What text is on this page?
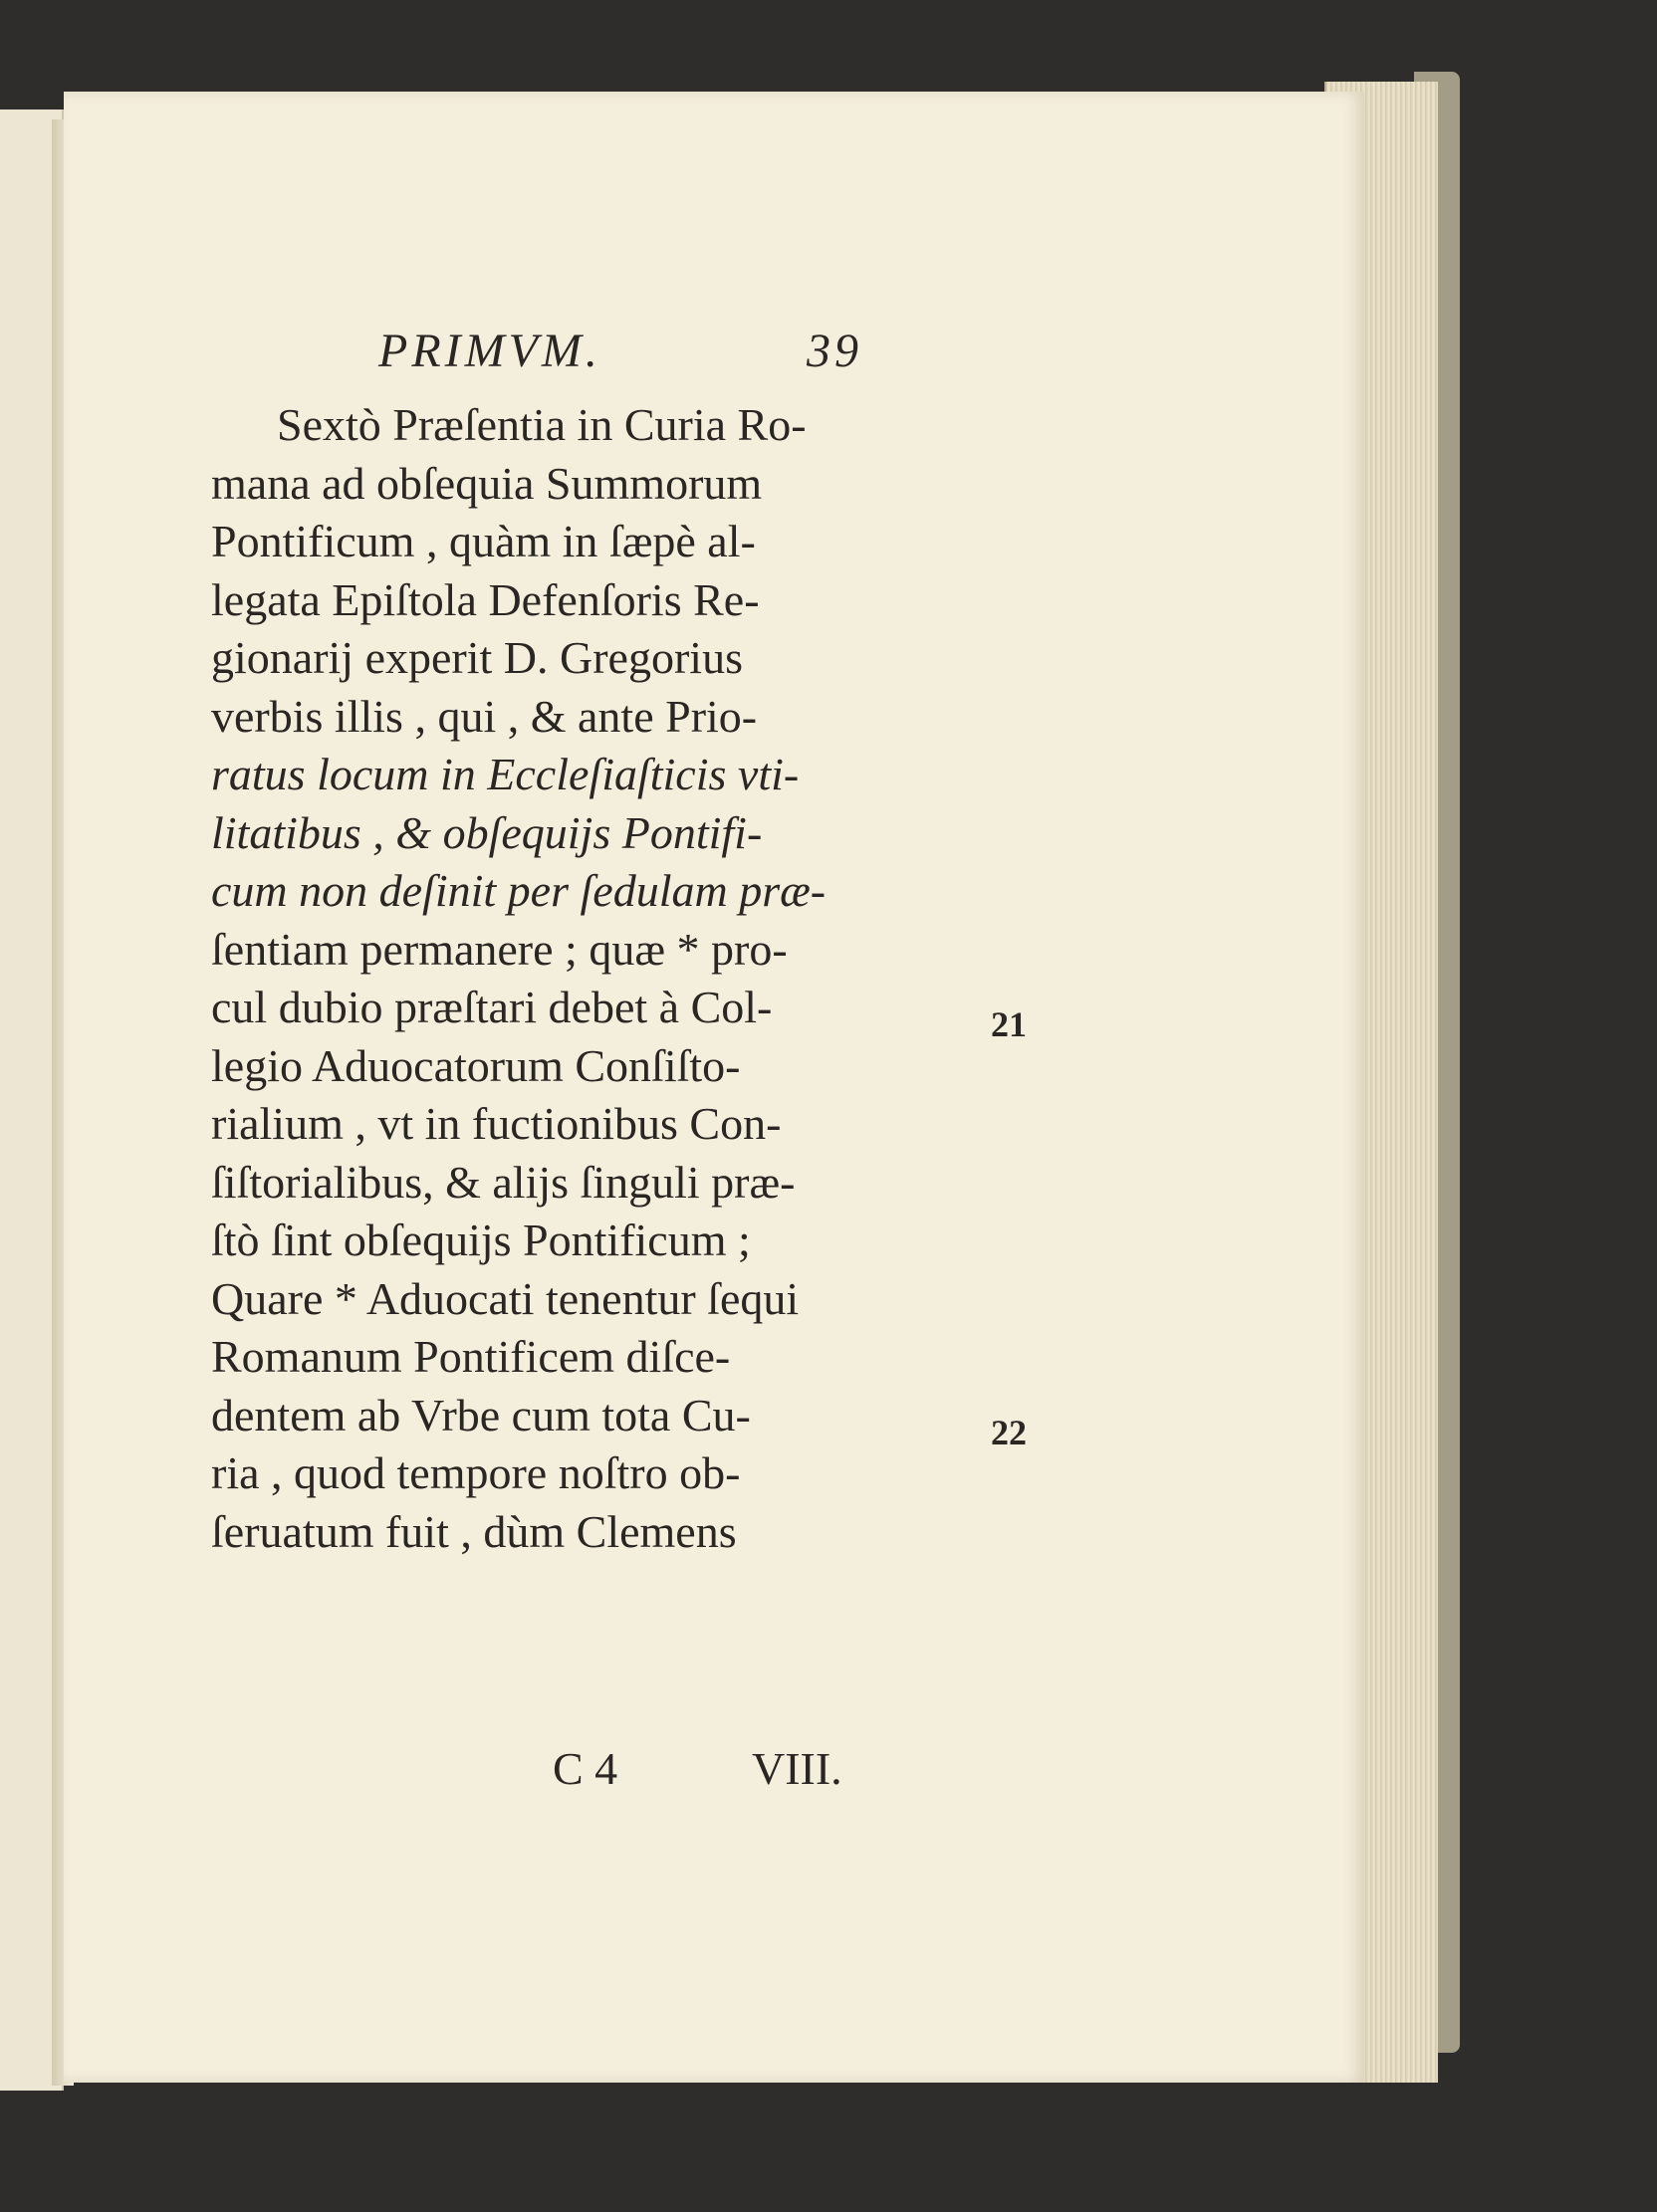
PRIMVM.	39
Sextò Præſentia in Curia Ro-
mana ad obſequia Summorum
Pontificum , quàm in ſæpè al-
legata Epiſtola Defenſoris Re-
gionarij experit D. Gregorius
verbis illis , qui , & ante Prio-
ratus locum in Eccleſiaſticis vti-
litatibus , & obſequijs Pontifi-
cum non deſinit per ſedulam præ-
ſentiam permanere ; quæ * pro-
cul dubio præſtari debet à Col-
legio Aduocatorum Conſiſto-
rialium , vt in fuctionibus Con-
ſiſtorialibus, & alijs ſinguli præ-
ſtò ſint obſequijs Pontificum ;
Quare * Aduocati tenentur ſequi
Romanum Pontificem diſce-
dentem ab Vrbe cum tota Cu-
ria , quod tempore noſtro ob-
ſeruatum fuit , dùm Clemens
21
22
C 4	VIII.
